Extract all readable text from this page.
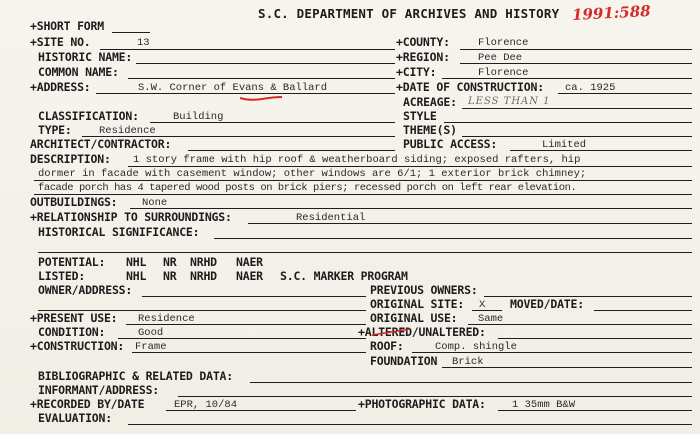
S.C. DEPARTMENT OF ARCHIVES AND HISTORY 1991:588
+SHORT FORM
+SITE NO.	13	+COUNTY:	Florence
HISTORIC NAME:	+REGION:	Pee Dee
COMMON NAME:	+CITY:	Florence
+ADDRESS:	S.W. Corner of Evans & Ballard	+DATE OF CONSTRUCTION: ca. 1925
ACREAGE: LESS THAN 1
CLASSIFICATION:	Building	STYLE
TYPE:	Residence	THEME(S)
ARCHITECT/CONTRACTOR:	PUBLIC ACCESS:	Limited
DESCRIPTION: 1 story frame with hip roof & weatherboard siding; exposed rafters, hip
dormer in facade with casement window; other windows are 6/1; 1 exterior brick chimney;
facade porch has 4 tapered wood posts on brick piers; recessed porch on left rear elevation.
OUTBUILDINGS: None
+RELATIONSHIP TO SURROUNDINGS:	Residential
HISTORICAL SIGNIFICANCE:
POTENTIAL: NHL NR NRHD NAER
LISTED:	NHL NR NRHD NAER S.C. MARKER PROGRAM
OWNER/ADDRESS:	PREVIOUS OWNERS:
ORIGINAL SITE: X MOVED/DATE:
+PRESENT USE: Residence	ORIGINAL USE: Same
CONDITION:	Good	+ALTERED/UNALTERED:
+CONSTRUCTION: Frame	ROOF:	Comp. shingle
FOUNDATION Brick
BIBLIOGRAPHIC & RELATED DATA:
INFORMANT/ADDRESS:
+RECORDED BY/DATE	EPR, 10/84	+PHOTOGRAPHIC DATA:	1 35mm B&W
EVALUATION:
